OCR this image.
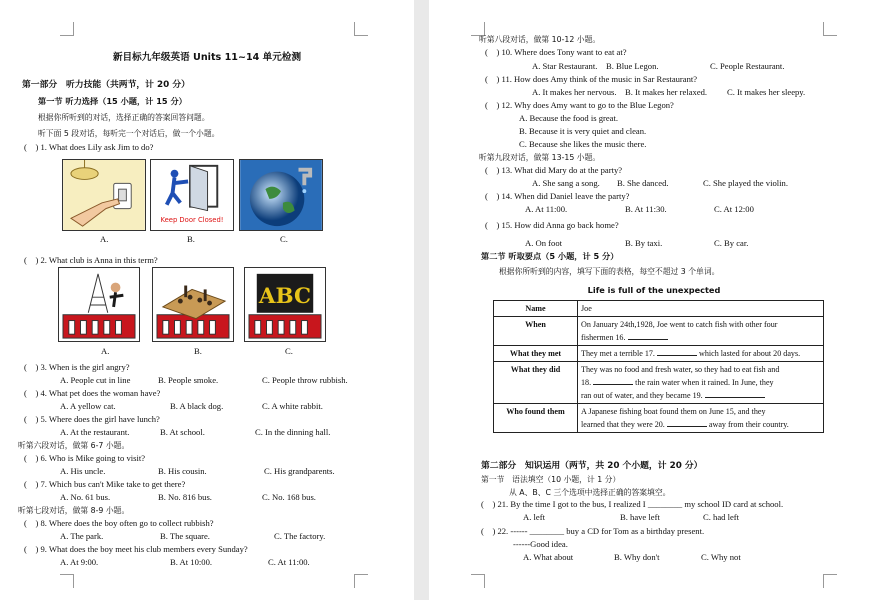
新目标九年级英语 Units 11~14 单元检测
第一部分　听力技能（共两节，计 20 分）
第一节 听力选择（15 小题，计 15 分）
根据你所听到的对话，选择正确的答案回答问题。
听下面 5 段对话，每听完一个对话后，做一个小题。
(　) 1. What does Lily ask Jim to do?
Keep Door Closed!
A.	B.	C.
(　) 2. What club is Anna in this term?
ABC
A.	B.	C.
(　) 3. When is the girl angry?
A. People cut in line	B. People smoke.	C. People throw rubbish.
(　) 4. What pet does the woman have?
A. A yellow cat.	B. A black dog.	C. A white rabbit.
(　) 5. Where does the girl have lunch?
A. At the restaurant.	B. At school.	C. In the dinning hall.
听第六段对话，做第 6-7 小题。
(　) 6. Who is Mike going to visit?
A. His uncle.	B. His cousin.	C. His grandparents.
(　) 7. Which bus can't Mike take to get there?
A. No. 61 bus.	B. No. 816 bus.	C. No. 168 bus.
听第七段对话，做第 8-9 小题。
(　) 8. Where does the boy often go to collect rubbish?
A. The park.	B. The square.	C. The factory.
(　) 9. What does the boy meet his club members every Sunday?
A. At 9:00.	B. At 10:00.	C. At 11:00.
听第八段对话，做第 10-12 小题。
(　) 10. Where does Tony want to eat at?
A. Star Restaurant. B. Blue Legon.	C. People Restaurant.
(　) 11. How does Amy think of the music in Sar Restaurant?
A. It makes her nervous. B. It makes her relaxed. C. It makes her sleepy.
(　) 12. Why does Amy want to go to the Blue Legon?
A. Because the food is great.
B. Because it is very quiet and clean.
C. Because she likes the music there.
听第九段对话，做第 13-15 小题。
(　) 13. What did Mary do at the party?
A. She sang a song. B. She danced.	C. She played the violin.
(　) 14. When did Daniel leave the party?
A. At 11:00.	B. At 11:30.	C. At 12:00
(　) 15. How did Anna go back home?
A. On foot	B. By taxi.	C. By car.
第二节 听取要点（5 小题，计 5 分）
根据你所听到的内容，填写下面的表格，每空不超过 3 个单词。
Life is full of the unexpected
Name	Joe
When	On January 24th,1928, Joe went to catch fish with other four
fishermen 16.
What they met	They met a terrible 17. which lasted for about 20 days.
What they did	They was no food and fresh water, so they had to eat fish and
18. the rain water when it rained. In June, they
ran out of water, and they became 19.
Who found them	A Japanese fishing boat found them on June 15, and they
learned that they were 20. away from their country.
第二部分　知识运用（两节，共 20 个小题，计 20 分）
第一节　语法填空（10 小题，计 1 分）
从 A、B、C 三个选项中选择正确的答案填空。
(　) 21. By the time I got to the bus, I realized I ________ my school ID card at school.
A. left	B. have left	C. had left
(　) 22. ------ ________ buy a CD for Tom as a birthday present.
------Good idea.
A. What about	B. Why don't	C. Why not
